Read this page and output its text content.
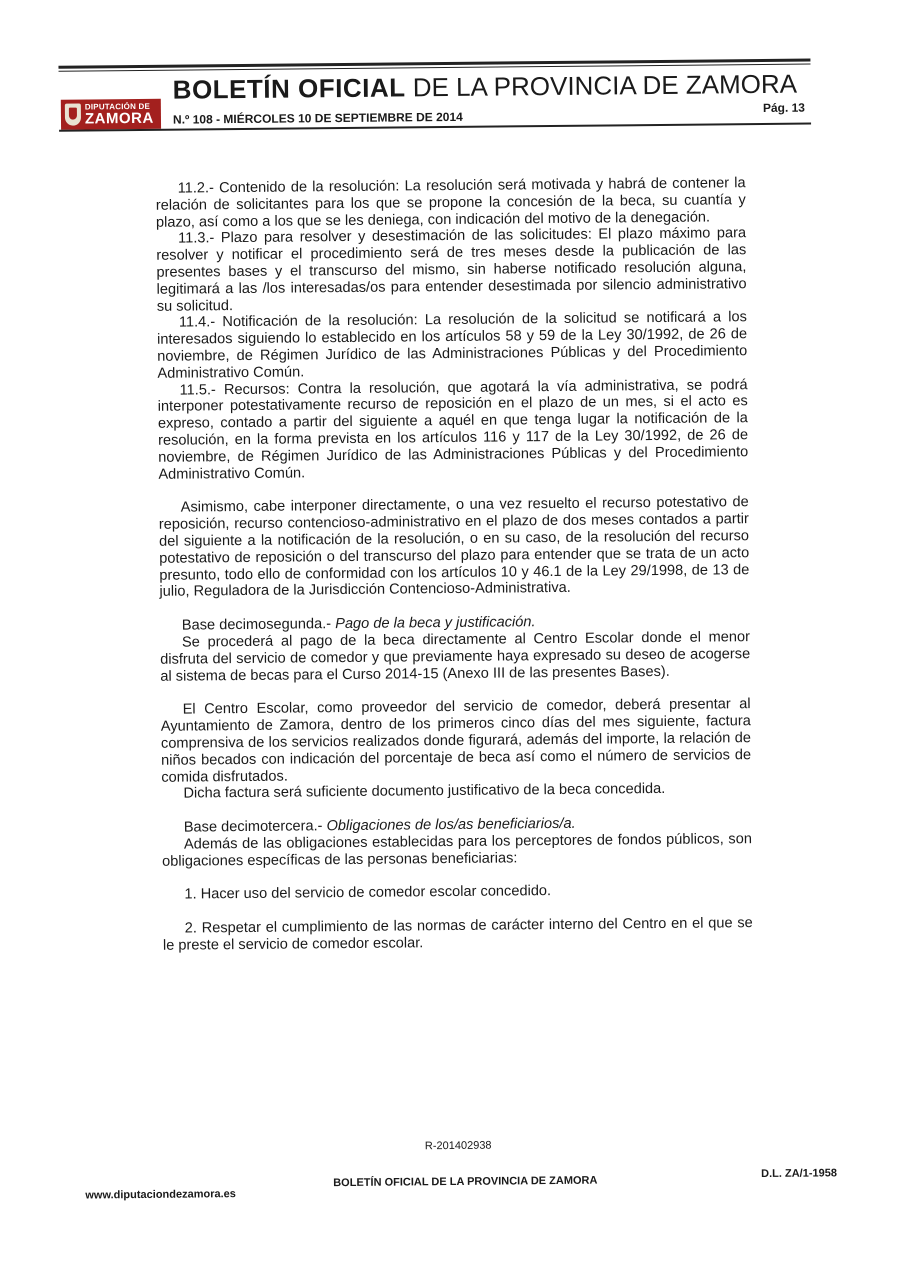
DIPUTACIÓN DE
ZAMORA
BOLETÍN OFICIAL DE LA PROVINCIA DE ZAMORA
N.º 108 - MIÉRCOLES 10 DE SEPTIEMBRE DE 2014
Pág. 13

11.2.- Contenido de la resolución: La resolución será motivada y habrá de contener la relación de solicitantes para los que se propone la concesión de la beca, su cuantía y plazo, así como a los que se les deniega, con indicación del motivo de la denegación.

11.3.- Plazo para resolver y desestimación de las solicitudes: El plazo máximo para resolver y notificar el procedimiento será de tres meses desde la publicación de las presentes bases y el transcurso del mismo, sin haberse notificado resolución alguna, legitimará a las /los interesadas/os para entender desestimada por silencio administrativo su solicitud.

11.4.- Notificación de la resolución: La resolución de la solicitud se notificará a los interesados siguiendo lo establecido en los artículos 58 y 59 de la Ley 30/1992, de 26 de noviembre, de Régimen Jurídico de las Administraciones Públicas y del Procedimiento Administrativo Común.

11.5.- Recursos: Contra la resolución, que agotará la vía administrativa, se podrá interponer potestativamente recurso de reposición en el plazo de un mes, si el acto es expreso, contado a partir del siguiente a aquél en que tenga lugar la notificación de la resolución, en la forma prevista en los artículos 116 y 117 de la Ley 30/1992, de 26 de noviembre, de Régimen Jurídico de las Administraciones Públicas y del Procedimiento Administrativo Común.

Asimismo, cabe interponer directamente, o una vez resuelto el recurso potestativo de reposición, recurso contencioso-administrativo en el plazo de dos meses contados a partir del siguiente a la notificación de la resolución, o en su caso, de la resolución del recurso potestativo de reposición o del transcurso del plazo para entender que se trata de un acto presunto, todo ello de conformidad con los artículos 10 y 46.1 de la Ley 29/1998, de 13 de julio, Reguladora de la Jurisdicción Contencioso-Administrativa.

Base decimosegunda.- Pago de la beca y justificación.

Se procederá al pago de la beca directamente al Centro Escolar donde el menor disfruta del servicio de comedor y que previamente haya expresado su deseo de acogerse al sistema de becas para el Curso 2014-15 (Anexo III de las presentes Bases).

El Centro Escolar, como proveedor del servicio de comedor, deberá presentar al Ayuntamiento de Zamora, dentro de los primeros cinco días del mes siguiente, factura comprensiva de los servicios realizados donde figurará, además del importe, la relación de niños becados con indicación del porcentaje de beca así como el número de servicios de comida disfrutados.

Dicha factura será suficiente documento justificativo de la beca concedida.

Base decimotercera.- Obligaciones de los/as beneficiarios/a.

Además de las obligaciones establecidas para los perceptores de fondos públicos, son obligaciones específicas de las personas beneficiarias:

1. Hacer uso del servicio de comedor escolar concedido.

2. Respetar el cumplimiento de las normas de carácter interno del Centro en el que se le preste el servicio de comedor escolar.

R-201402938
www.diputaciondezamora.es
BOLETÍN OFICIAL DE LA PROVINCIA DE ZAMORA
D.L. ZA/1-1958
